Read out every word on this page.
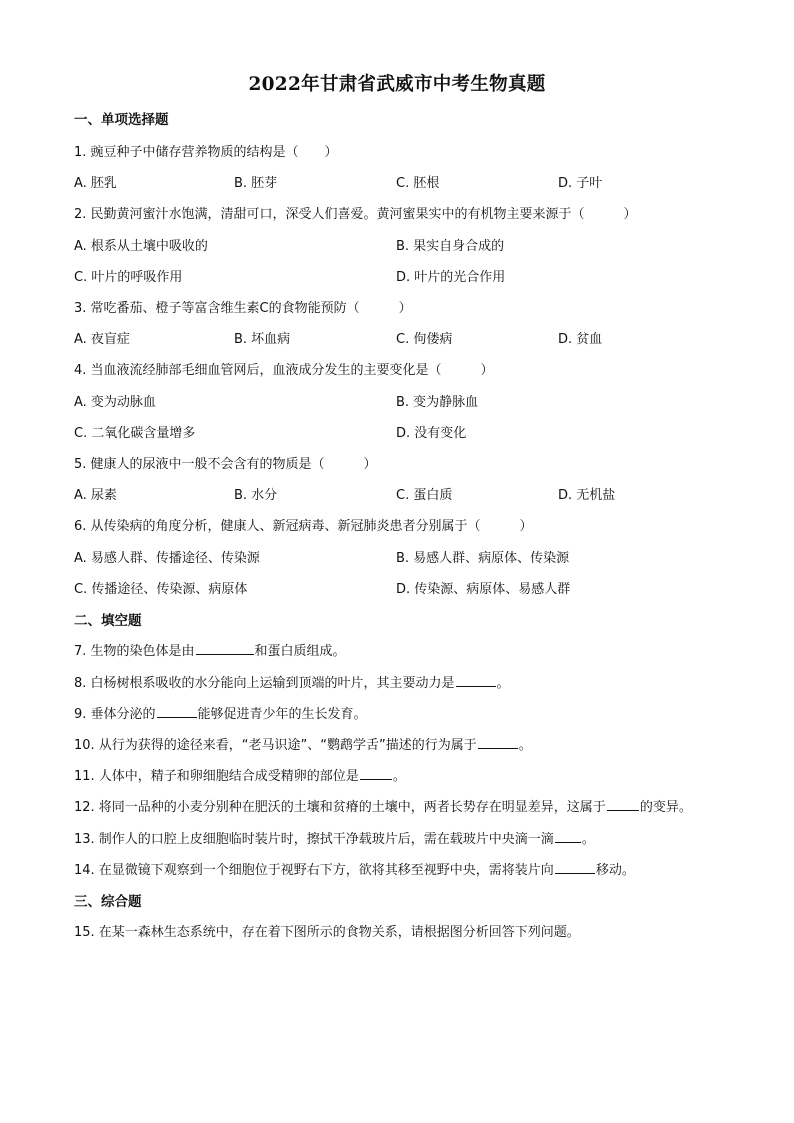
2022年甘肃省武威市中考生物真题
一、单项选择题
1. 豌豆种子中储存营养物质的结构是（　　）
A. 胚乳	B. 胚芽	C. 胚根	D. 子叶
2. 民勤黄河蜜汁水饱满，清甜可口，深受人们喜爱。黄河蜜果实中的有机物主要来源于（　　　）
A. 根系从土壤中吸收的	B. 果实自身合成的
C. 叶片的呼吸作用	D. 叶片的光合作用
3. 常吃番茄、橙子等富含维生素C的食物能预防（　　　）
A. 夜盲症	B. 坏血病	C. 佝偻病	D. 贫血
4. 当血液流经肺部毛细血管网后，血液成分发生的主要变化是（　　　）
A. 变为动脉血	B. 变为静脉血
C. 二氧化碳含量增多	D. 没有变化
5. 健康人的尿液中一般不会含有的物质是（　　　）
A. 尿素	B. 水分	C. 蛋白质	D. 无机盐
6. 从传染病的角度分析，健康人、新冠病毒、新冠肺炎患者分别属于（　　　）
A. 易感人群、传播途径、传染源	B. 易感人群、病原体、传染源
C. 传播途径、传染源、病原体	D. 传染源、病原体、易感人群
二、填空题
7. 生物的染色体是由	和蛋白质组成。
8. 白杨树根系吸收的水分能向上运输到顶端的叶片，其主要动力是	。
9. 垂体分泌的	能够促进青少年的生长发育。
10. 从行为获得的途径来看，“老马识途”、“鹦鹉学舌”描述的行为属于	。
11. 人体中，精子和卵细胞结合成受精卵的部位是	。
12. 将同一品种的小麦分别种在肥沃的土壤和贫瘠的土壤中，两者长势存在明显差异，这属于	的变异。
13. 制作人的口腔上皮细胞临时装片时，擦拭干净载玻片后，需在载玻片中央滴一滴 。
14. 在显微镜下观察到一个细胞位于视野右下方，欲将其移至视野中央，需将装片向	移动。
三、综合题
15. 在某一森林生态系统中，存在着下图所示的食物关系，请根据图分析回答下列问题。
